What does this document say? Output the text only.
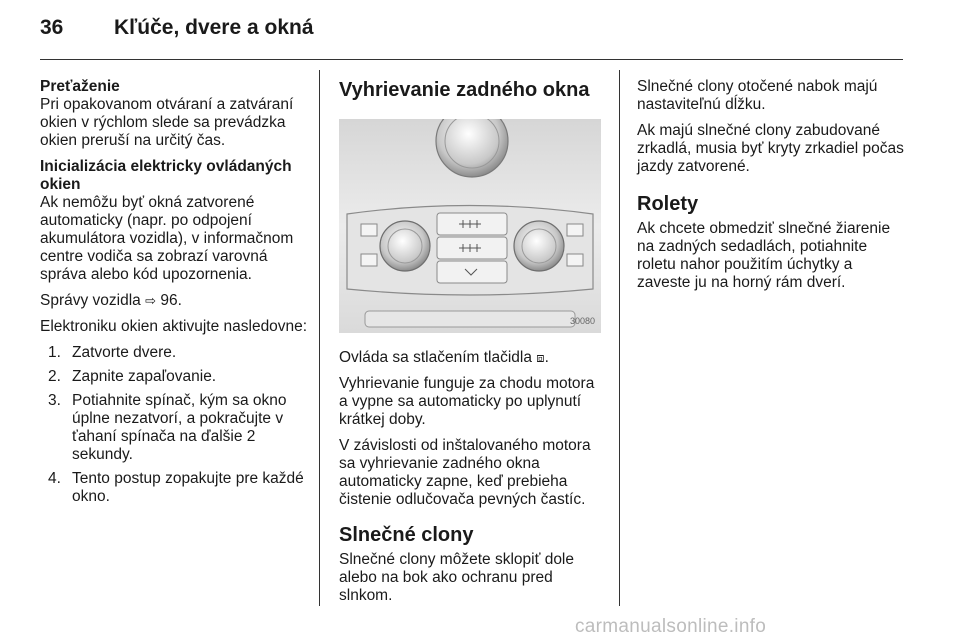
36 Kľúče, dvere a okná
Preťaženie
Pri opakovanom otváraní a zatváraní okien v rýchlom slede sa prevádzka okien preruší na určitý čas.
Inicializácia elektricky ovládaných okien
Ak nemôžu byť okná zatvorené automaticky (napr. po odpojení akumulátora vozidla), v informačnom centre vodiča sa zobrazí varovná správa alebo kód upozornenia.

Správy vozidla ⇨ 96.

Elektroniku okien aktivujte nasledovne:

1. Zatvorte dvere.
2. Zapnite zapaľovanie.
3. Potiahnite spínač, kým sa okno úplne nezatvorí, a pokračujte v ťahaní spínača na ďalšie 2 sekundy.
4. Tento postup zopakujte pre každé okno.
Vyhrievanie zadného okna
30080

Ovláda sa stlačením tlačidla ⧈.

Vyhrievanie funguje za chodu motora a vypne sa automaticky po uplynutí krátkej doby.

V závislosti od inštalovaného motora sa vyhrievanie zadného okna automaticky zapne, keď prebieha čistenie odlučovača pevných častíc.

Slnečné clony
Slnečné clony môžete sklopiť dole alebo na bok ako ochranu pred slnkom.

Slnečné clony otočené nabok majú nastaviteľnú dĺžku.

Ak majú slnečné clony zabudované zrkadlá, musia byť kryty zrkadiel počas jazdy zatvorené.

Rolety
Ak chcete obmedziť slnečné žiarenie na zadných sedadlách, potiahnite roletu nahor použitím úchytky a zaveste ju na horný rám dverí.
carmanualsonline.info
